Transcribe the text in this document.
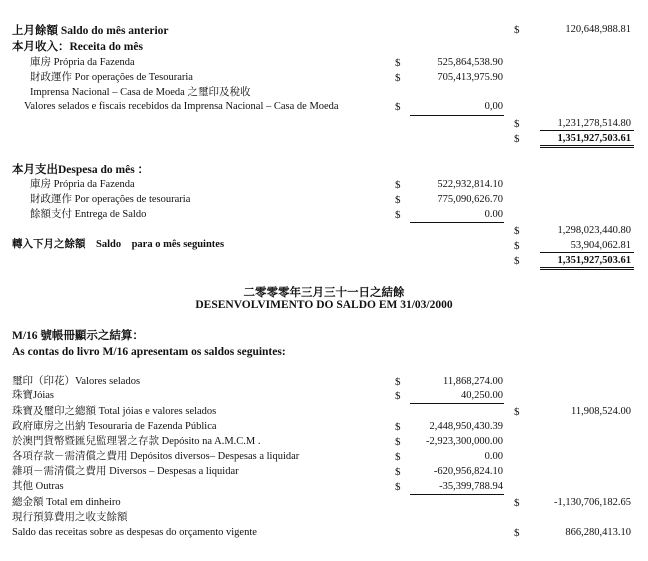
上月餘額 Saldo do mês anterior	$	120,648,988.81
本月收入：Receita do mês
庫房 Própria da Fazenda	$	525,864,538.90
財政運作 Por operações de Tesouraria	$	705,413,975.90
Imprensa Nacional – Casa de Moeda 之璽印及稅收
Valores selados e fiscais recebidos da Imprensa Nacional – Casa de Moeda	$	0,00
$	1,231,278,514.80
$	1,351,927,503.61
本月支出Despesa do mês ：
庫房 Própria da Fazenda	$	522,932,814.10
財政運作 Por operações de tesouraria	$	775,090,626.70
餘額支付 Entrega de Saldo	$	0.00
$	1,298,023,440.80
轉入下月之餘額　Saldo　para o mês seguintes	$	53,904,062.81
$	1,351,927,503.61
二零零零年三月三十一日之結餘
DESENVOLVIMENTO DO SALDO EM 31/03/2000
M/16 號帳冊顯示之結算：
As contas do livro M/16 apresentam os saldos seguintes:
璽印（印花）Valores selados	$	11,868,274.00
珠寶Jóias	$	40,250.00
珠寶及璽印之總額 Total jóias e valores selados	$	11,908,524.00
政府庫房之出納 Tesouraria de Fazenda Pública	$	2,448,950,430.39
於澳門貨幣暨匯兒監理署之存款 Depósito na A.M.C.M .	$ -2,923,300,000.00
各項存款－需清償之費用 Depósitos diversos– Despesas a liquidar	$	0.00
雜項－需清償之費用 Diversos – Despesas a liquidar	$	-620,956,824.10
其他 Outras	$	-35,399,788.94
總金額 Total em dinheiro	$	-1,130,706,182.65
現行預算費用之收支餘額
Saldo das receitas sobre as despesas do orçamento vigente	$	866,280,413.10
